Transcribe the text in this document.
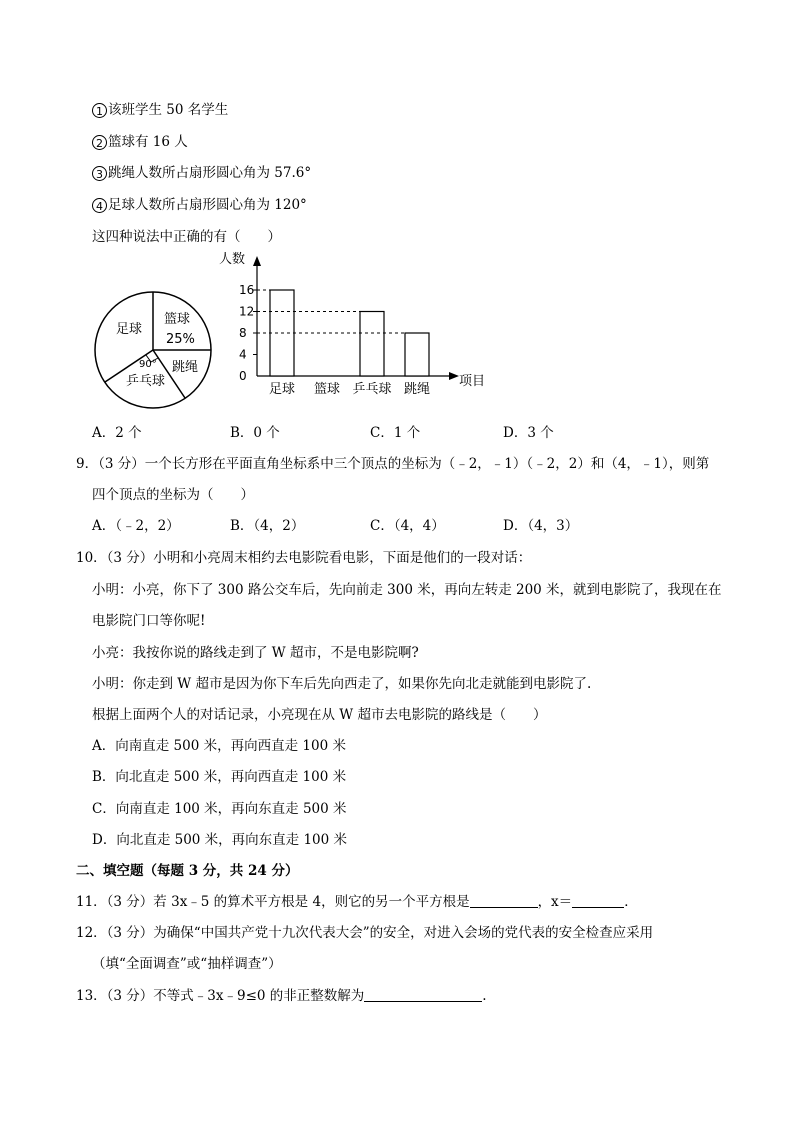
1 该班学生 50 名学生
2 篮球有 16 人
3 跳绳人数所占扇形圆心角为 57.6°
4 足球人数所占扇形圆心角为 120°
这四种说法中正确的有（　　）
足球
篮球
25%
跳绳
乒乓球
90°
人数
项目
16
12
8
4
0
足球 篮球 乒乓球 跳绳
A．2 个	B．0 个	C．1 个	D．3 个
9．（3 分）一个长方形在平面直角坐标系中三个顶点的坐标为（﹣2，﹣1）（﹣2，2）和（4，﹣1），则第
四个顶点的坐标为（　　）
A．（﹣2，2）	B．（4，2）	C．（4，4）	D．（4，3）
10．（3 分）小明和小亮周末相约去电影院看电影，下面是他们的一段对话：
小明：小亮，你下了 300 路公交车后，先向前走 300 米，再向左转走 200 米，就到电影院了，我现在在
电影院门口等你呢!
小亮：我按你说的路线走到了 W 超市，不是电影院啊?
小明：你走到 W 超市是因为你下车后先向西走了，如果你先向北走就能到电影院了.
根据上面两个人的对话记录，小亮现在从 W 超市去电影院的路线是（　　）
A．向南直走 500 米，再向西直走 100 米
B．向北直走 500 米，再向西直走 100 米
C．向南直走 100 米，再向东直走 500 米
D．向北直走 500 米，再向东直走 100 米
二、填空题（每题 3 分，共 24 分）
11．（3 分）若 3x﹣5 的算术平方根是 4，则它的另一个平方根是	，x＝	．
12．（3 分）为确保“中国共产党十九次代表大会”的安全，对进入会场的党代表的安全检查应采用
（填“全面调查”或“抽样调查”）
13．（3 分）不等式﹣3x﹣9≤0 的非正整数解为	.
